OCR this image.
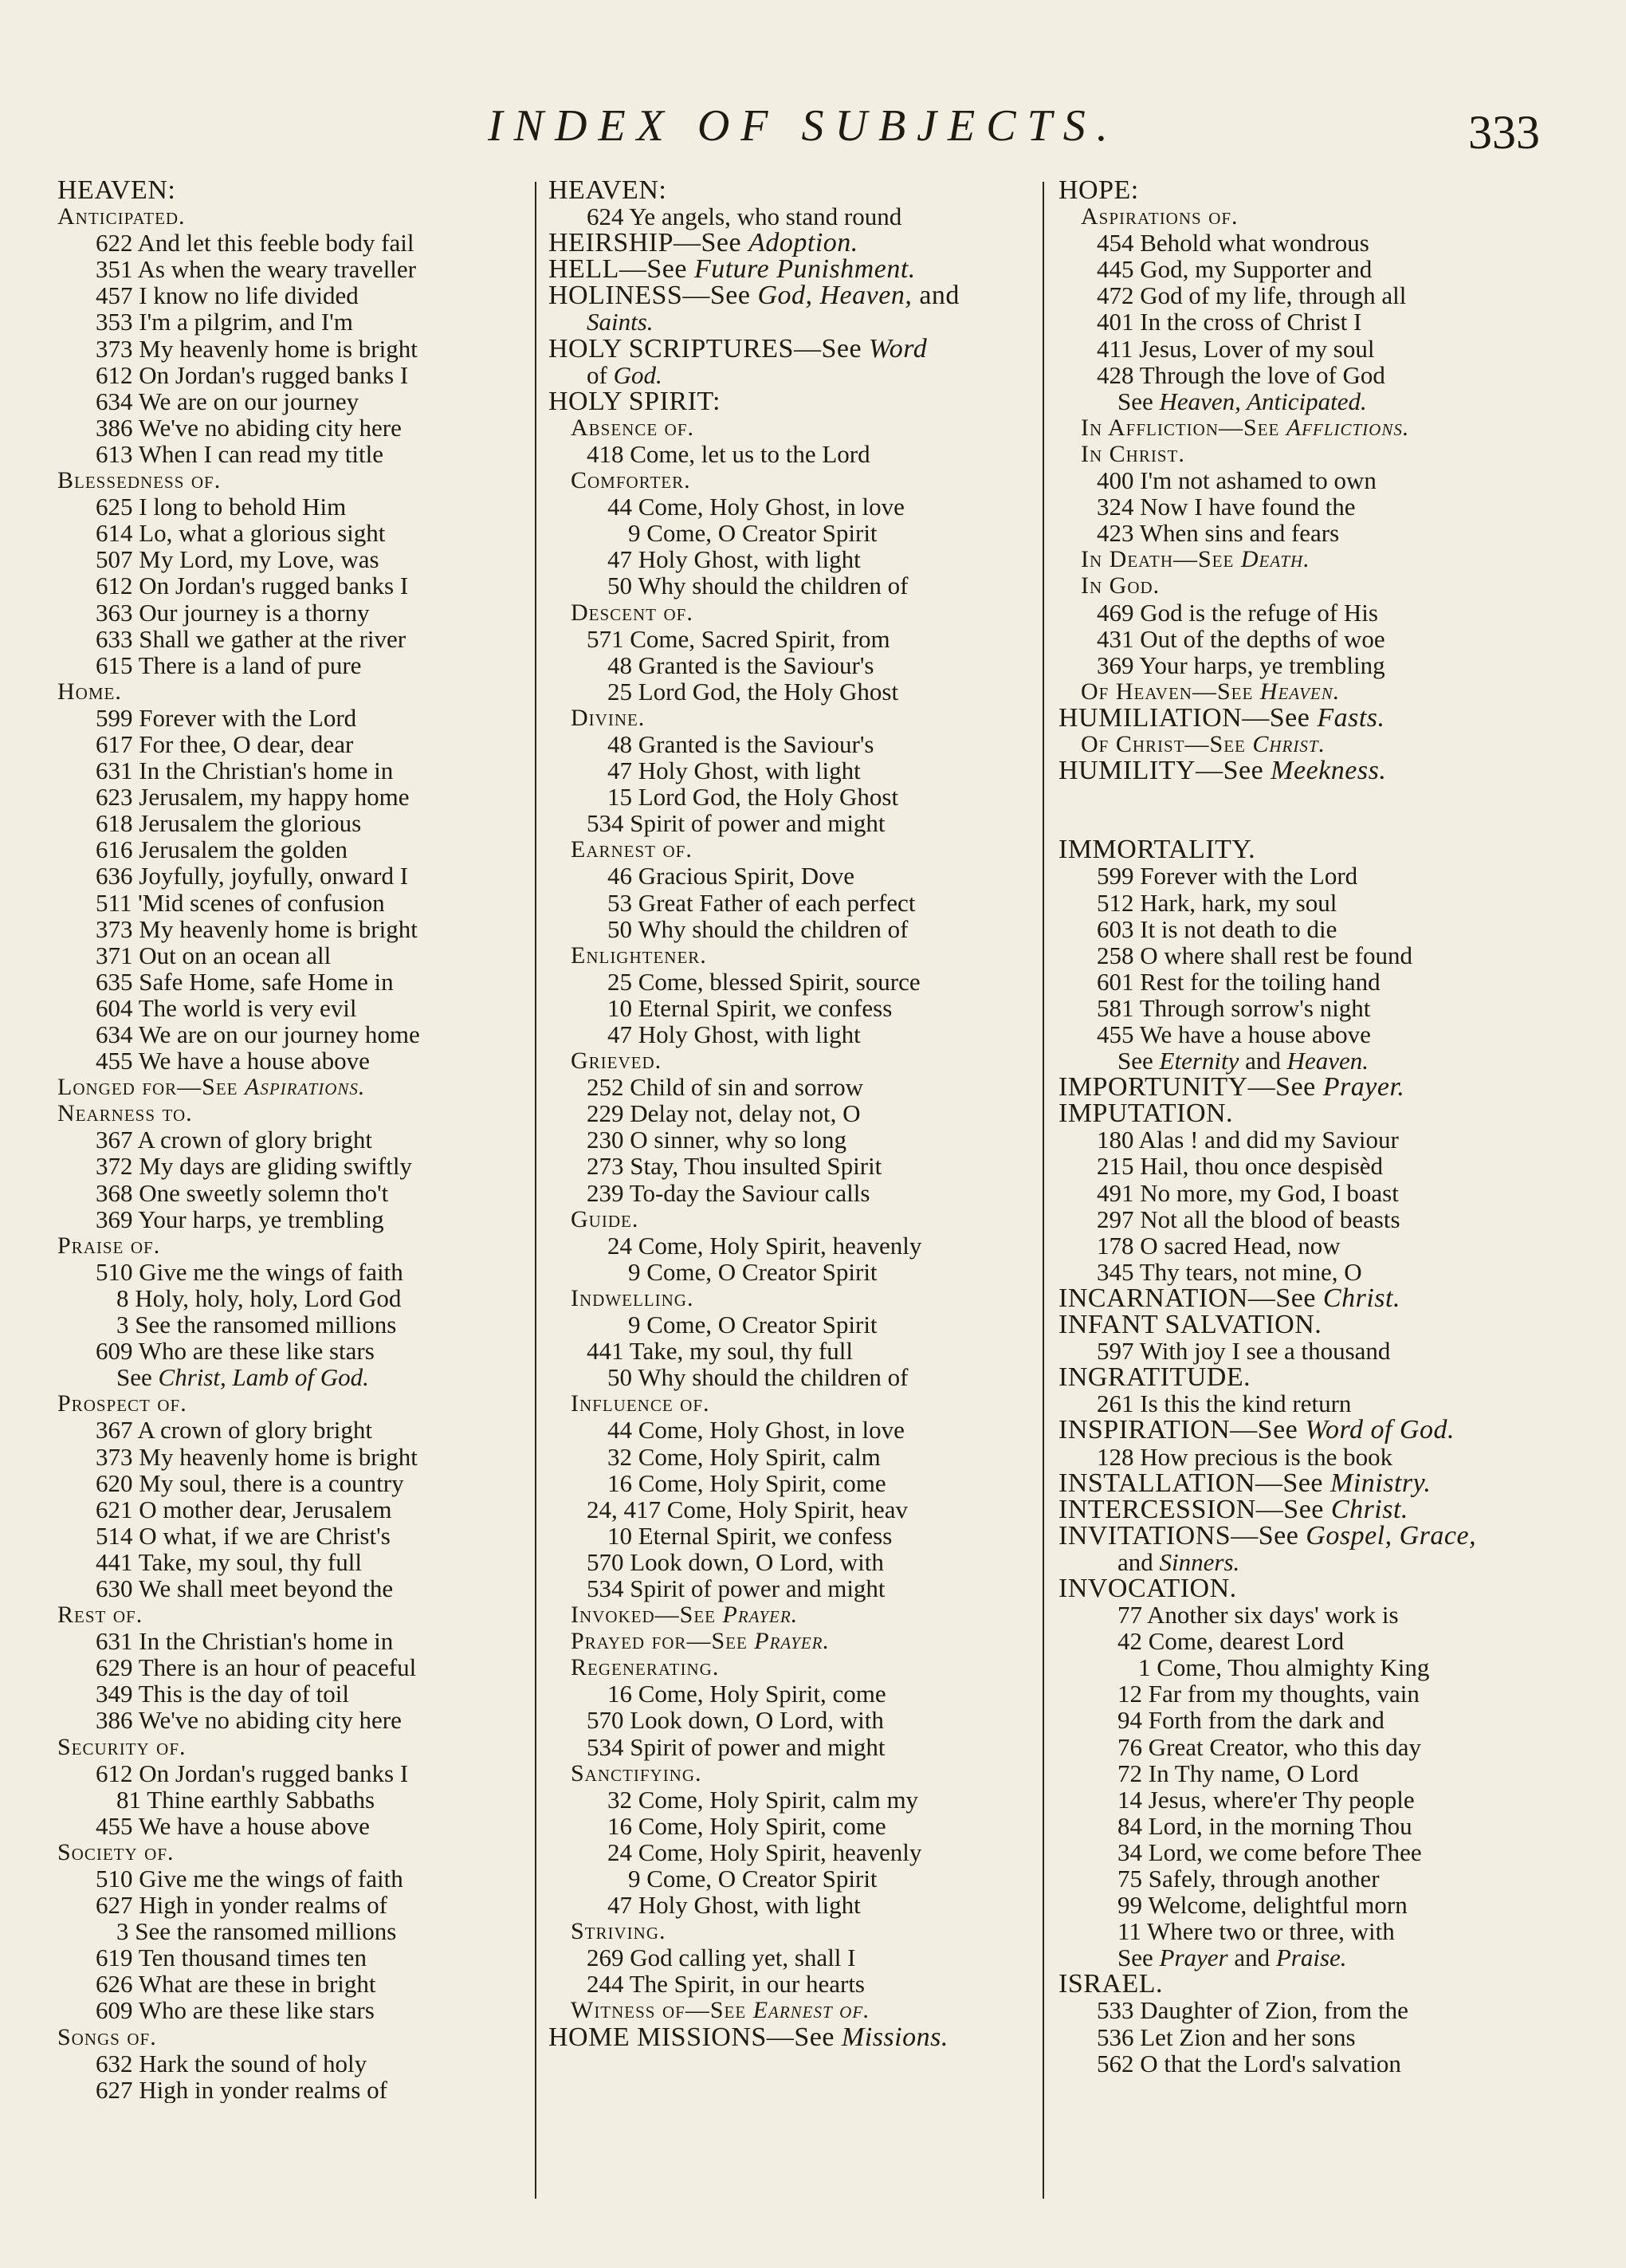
INDEX OF SUBJECTS.	333
HEAVEN:
Anticipated.
622 And let this feeble body fail
351 As when the weary traveller
457 I know no life divided
353 I'm a pilgrim, and I'm
373 My heavenly home is bright
612 On Jordan's rugged banks I
634 We are on our journey
386 We've no abiding city here
613 When I can read my title
Blessedness of.
625 I long to behold Him
614 Lo, what a glorious sight
507 My Lord, my Love, was
612 On Jordan's rugged banks I
363 Our journey is a thorny
633 Shall we gather at the river
615 There is a land of pure
Home.
599 Forever with the Lord
617 For thee, O dear, dear
631 In the Christian's home in
623 Jerusalem, my happy home
618 Jerusalem the glorious
616 Jerusalem the golden
636 Joyfully, joyfully, onward I
511 'Mid scenes of confusion
373 My heavenly home is bright
371 Out on an ocean all
635 Safe Home, safe Home in
604 The world is very evil
634 We are on our journey home
455 We have a house above
Longed for—See Aspirations.
Nearness to.
367 A crown of glory bright
372 My days are gliding swiftly
368 One sweetly solemn tho't
369 Your harps, ye trembling
Praise of.
510 Give me the wings of faith
8 Holy, holy, holy, Lord God
3 See the ransomed millions
609 Who are these like stars
See Christ, Lamb of God.
Prospect of.
367 A crown of glory bright
373 My heavenly home is bright
620 My soul, there is a country
621 O mother dear, Jerusalem
514 O what, if we are Christ's
441 Take, my soul, thy full
630 We shall meet beyond the
Rest of.
631 In the Christian's home in
629 There is an hour of peaceful
349 This is the day of toil
386 We've no abiding city here
Security of.
612 On Jordan's rugged banks I
81 Thine earthly Sabbaths
455 We have a house above
Society of.
510 Give me the wings of faith
627 High in yonder realms of
3 See the ransomed millions
619 Ten thousand times ten
626 What are these in bright
609 Who are these like stars
Songs of.
632 Hark the sound of holy
627 High in yonder realms of
HEAVEN:
624 Ye angels, who stand round
HEIRSHIP—See Adoption.
HELL—See Future Punishment.
HOLINESS—See God, Heaven, and
Saints.
HOLY SCRIPTURES—See Word
of God.
HOLY SPIRIT:
Absence of.
418 Come, let us to the Lord
Comforter.
44 Come, Holy Ghost, in love
9 Come, O Creator Spirit
47 Holy Ghost, with light
50 Why should the children of
Descent of.
571 Come, Sacred Spirit, from
48 Granted is the Saviour's
25 Lord God, the Holy Ghost
Divine.
48 Granted is the Saviour's
47 Holy Ghost, with light
15 Lord God, the Holy Ghost
534 Spirit of power and might
Earnest of.
46 Gracious Spirit, Dove
53 Great Father of each perfect
50 Why should the children of
Enlightener.
25 Come, blessed Spirit, source
10 Eternal Spirit, we confess
47 Holy Ghost, with light
Grieved.
252 Child of sin and sorrow
229 Delay not, delay not, O
230 O sinner, why so long
273 Stay, Thou insulted Spirit
239 To-day the Saviour calls
Guide.
24 Come, Holy Spirit, heavenly
9 Come, O Creator Spirit
Indwelling.
9 Come, O Creator Spirit
441 Take, my soul, thy full
50 Why should the children of
Influence of.
44 Come, Holy Ghost, in love
32 Come, Holy Spirit, calm
16 Come, Holy Spirit, come
24, 417 Come, Holy Spirit, heav
10 Eternal Spirit, we confess
570 Look down, O Lord, with
534 Spirit of power and might
Invoked—See Prayer.
Prayed for—See Prayer.
Regenerating.
16 Come, Holy Spirit, come
570 Look down, O Lord, with
534 Spirit of power and might
Sanctifying.
32 Come, Holy Spirit, calm my
16 Come, Holy Spirit, come
24 Come, Holy Spirit, heavenly
9 Come, O Creator Spirit
47 Holy Ghost, with light
Striving.
269 God calling yet, shall I
244 The Spirit, in our hearts
Witness of—See Earnest of.
HOME MISSIONS—See Missions.
HOPE:
Aspirations of.
454 Behold what wondrous
445 God, my Supporter and
472 God of my life, through all
401 In the cross of Christ I
411 Jesus, Lover of my soul
428 Through the love of God
See Heaven, Anticipated.
In Affliction—See Afflictions.
In Christ.
400 I'm not ashamed to own
324 Now I have found the
423 When sins and fears
In Death—See Death.
In God.
469 God is the refuge of His
431 Out of the depths of woe
369 Your harps, ye trembling
Of Heaven—See Heaven.
HUMILIATION—See Fasts.
Of Christ—See Christ.
HUMILITY—See Meekness.
IMMORTALITY.
599 Forever with the Lord
512 Hark, hark, my soul
603 It is not death to die
258 O where shall rest be found
601 Rest for the toiling hand
581 Through sorrow's night
455 We have a house above
See Eternity and Heaven.
IMPORTUNITY—See Prayer.
IMPUTATION.
180 Alas ! and did my Saviour
215 Hail, thou once despisèd
491 No more, my God, I boast
297 Not all the blood of beasts
178 O sacred Head, now
345 Thy tears, not mine, O
INCARNATION—See Christ.
INFANT SALVATION.
597 With joy I see a thousand
INGRATITUDE.
261 Is this the kind return
INSPIRATION—See Word of God.
128 How precious is the book
INSTALLATION—See Ministry.
INTERCESSION—See Christ.
INVITATIONS—See Gospel, Grace,
and Sinners.
INVOCATION.
77 Another six days' work is
42 Come, dearest Lord
1 Come, Thou almighty King
12 Far from my thoughts, vain
94 Forth from the dark and
76 Great Creator, who this day
72 In Thy name, O Lord
14 Jesus, where'er Thy people
84 Lord, in the morning Thou
34 Lord, we come before Thee
75 Safely, through another
99 Welcome, delightful morn
11 Where two or three, with
See Prayer and Praise.
ISRAEL.
533 Daughter of Zion, from the
536 Let Zion and her sons
562 O that the Lord's salvation
